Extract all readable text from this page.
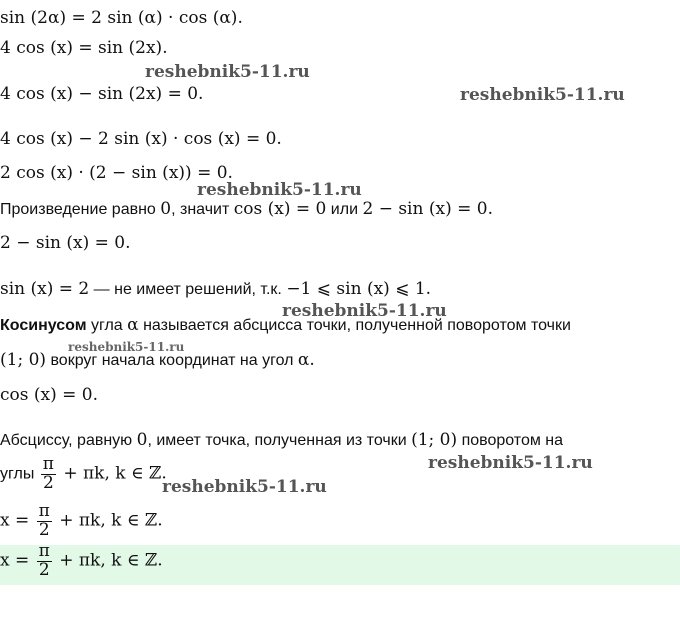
sin (2α) = 2 sin (α) · cos (α).
4 cos (x) = sin (2x).
4 cos (x) − sin (2x) = 0.
4 cos (x) − 2 sin (x) · cos (x) = 0.
2 cos (x) · (2 − sin (x)) = 0.
Произведение равно 0, значит cos (x) = 0 или 2 − sin (x) = 0.
2 − sin (x) = 0.
sin (x) = 2 — не имеет решений, т.к. −1 ⩽ sin (x) ⩽ 1.
Косинусом угла α называется абсцисса точки, полученной поворотом точки
(1; 0) вокруг начала координат на угол α.
cos (x) = 0.
Абсциссу, равную 0, имеет точка, полученная из точки (1; 0) поворотом на
углы $\frac{\pi}{2} + \pi k$, k ∈ ℤ.
$x = \frac{\pi}{2} + \pi k$, k ∈ ℤ.
$x = \frac{\pi}{2} + \pi k$, k ∈ ℤ.
reshebnik5-11.ru
reshebnik5-11.ru
reshebnik5-11.ru
reshebnik5-11.ru
reshebnik5-11.ru
reshebnik5-11.ru
reshebnik5-11.ru
